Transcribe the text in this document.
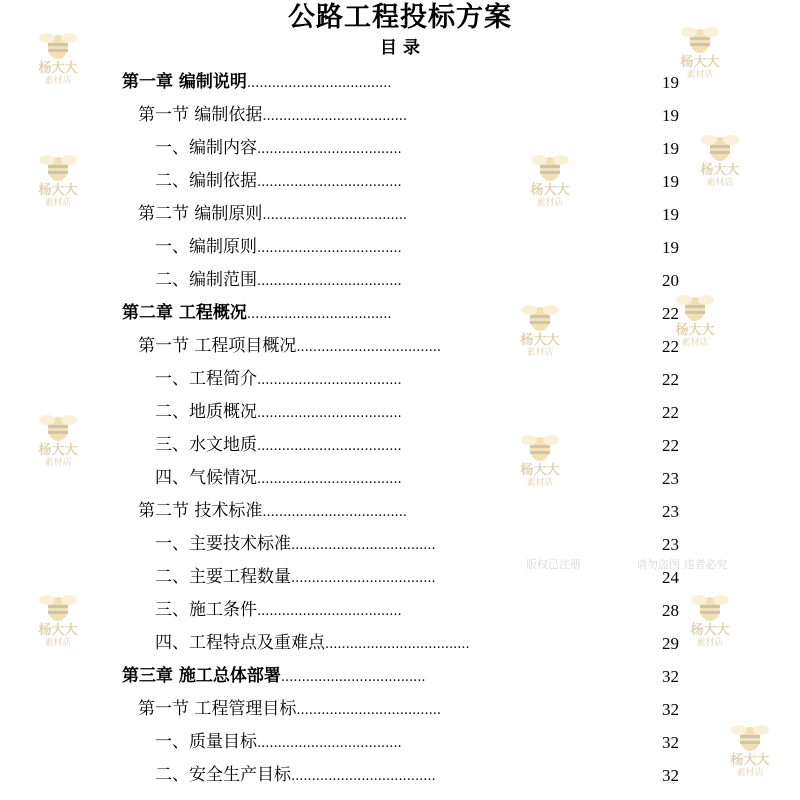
公路工程投标方案
目 录
第一章 编制说明...................................	19
第一节 编制依据...................................	19
一、编制内容...................................	19
二、编制依据...................................	19
第二节 编制原则...................................	19
一、编制原则...................................	19
二、编制范围...................................	20
第二章 工程概况...................................	22
第一节 工程项目概况...................................	22
一、工程简介...................................	22
二、地质概况...................................	22
三、水文地质...................................	22
四、气候情况...................................	23
第二节 技术标准...................................	23
一、主要技术标准...................................	23
二、主要工程数量...................................	24
三、施工条件...................................	28
四、工程特点及重难点...................................	29
第三章 施工总体部署...................................	32
第一节 工程管理目标...................................	32
一、质量目标...................................	32
二、安全生产目标...................................	32
杨大大
素材店
杨大大
素材店
杨大大
素材店
杨大大
素材店
杨大大
素材店
杨大大
素材店
杨大大
素材店
杨大大
素材店
杨大大
素材店
杨大大
素材店
杨大大
素材店
杨大大
素材店
版权已注册	请勿盗图 违者必究
